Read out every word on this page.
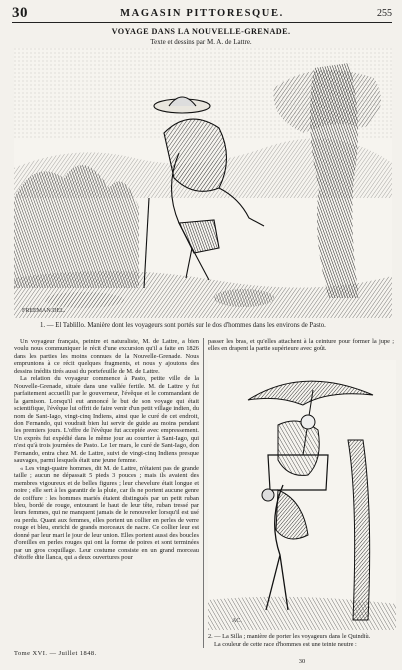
30	MAGASIN PITTORESQUE.	255
VOYAGE DANS LA NOUVELLE-GRENADE.
Texte et dessins par M. A. de Lattre.
FREEMAN.DEL.
1. — El Tablillo. Manière dont les voyageurs sont portés sur le dos d'hommes dans les environs de Pasto.

Un voyageur français, peintre et naturaliste, M. de Lattre, a bien voulu nous communiquer le récit d'une excursion qu'il a faite en 1826 dans les parties les moins connues de la Nouvelle-Grenade. Nous empruntons à ce récit quelques fragments, et nous y ajoutons des dessins inédits tirés aussi du portefeuille de M. de Lattre.

La relation du voyageur commence à Pasto, petite ville de la Nouvelle-Grenade, située dans une vallée fertile. M. de Lattre y fut parfaitement accueilli par le gouverneur, l'évêque et le commandant de la garnison. Lorsqu'il eut annoncé le but de son voyage qui était scientifique, l'évêque lui offrit de faire venir d'un petit village indien, du nom de Sant-Iago, vingt-cinq Indiens, ainsi que le curé de cet endroit, don Fernando, qui voudrait bien lui servir de guide au moins pendant les premiers jours. L'offre de l'évêque fut acceptée avec empressement. Un exprès fut expédié dans le même jour au courrier à Sant-Iago, qui n'est qu'à trois journées de Pasto. Le 1er mars, le curé de Sant-Iago, don Fernando, entra chez M. de Lattre, suivi de vingt-cinq Indiens presque sauvages, parmi lesquels était une jeune femme.

« Les vingt-quatre hommes, dit M. de Lattre, n'étaient pas de grande taille ; aucun ne dépassait 5 pieds 3 pouces ; mais ils avaient des membres vigoureux et de belles figures ; leur chevelure était longue et noire ; elle sert à les garantir de la pluie, car ils ne portent aucune genre de coiffure : les hommes mariés étaient distingués par un petit ruban bleu, bordé de rouge, entourant le haut de leur tête, ruban tressé par leurs femmes, qui ne manquent jamais de le renouveler lorsqu'il est usé ou perdu. Quant aux femmes, elles portent un collier en perles de verre rouge et bleu, enrichi de grands morceaux de nacre. Ce collier leur est donné par leur mari le jour de leur union. Elles portent aussi des boucles d'oreilles en perles rouges qui ont la forme de poires et sont terminées par un gros coquillage. Leur costume consiste en un grand morceau d'étoffe dite llanca, qui a deux ouvertures pour

passer les bras, et qu'elles attachent à la ceinture pour former la jupe ; elles en drapent la partie supérieure avec goût.

AC.
2. — La Silla ; manière de porter les voyageurs dans le Quindiù.
La couleur de cette race d'hommes est une teinte neutre :
Tome XVI. — Juillet 1848.
30
